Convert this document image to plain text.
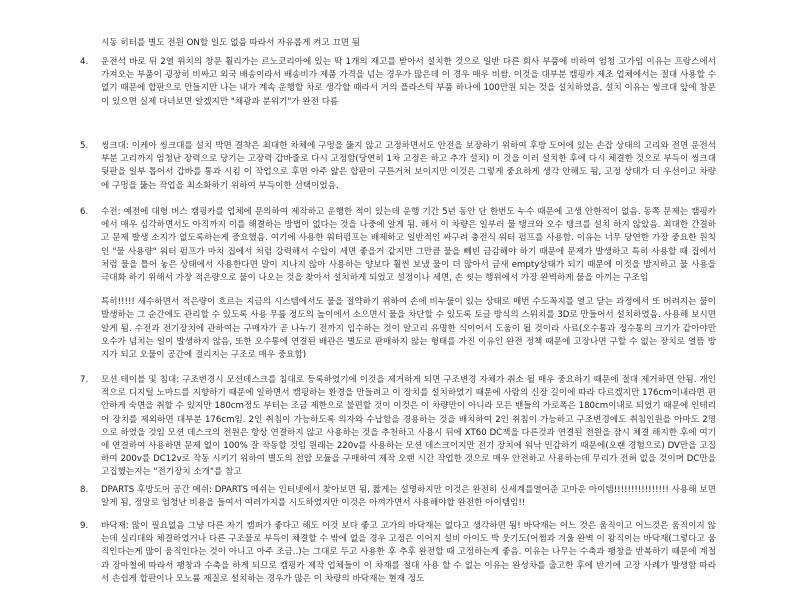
시동 히터를 별도 전원 ON할 일도 없음 따라서 자유롭게 켜고 끄면 됨
4.	운전석 바로 뒤 2열 위치의 창문 훨리가는 르노코리아에 있는 딱 1개의 재고를 받아서 설치한 것으로 일반 다른 회사 부품에 비하여 엄청 고가임 이유는 프랑스에서 가져오는 부품이 굉장히 비싸고 외국 배송이라서 배송비가 제품 가격을 넘는 경우가 많은데 이 경우 매우 비쌈. 이것을 대부분 캠핑카 제조 업체에서는 절대 사용할 수 없기 때문에 합판으로 만들지만 나는 내가 계속 운행할 차로 생각할 때라서 거의 플라스틱 부품 하나에 100만원 되는 것을 설치하였음, 설치 이유는 썽크대 앞에 창문이 있으면 실제 다녀보면 알겠지만 "채광과 분위기"가 완전 다름

5.	씽크대: 이케아 씽크대를 설치 박면 결착은 최대한 차체에 구멍을 뚫지 않고 고정하면서도 안전을 보장하기 위하여 후방 도어에 있는 손잡 상태의 고리와 전면 운전석 부분 고리까지 엄청난 장력으로 당기는 고장력 갑바줄로 다시 고정함(당연히 1차 고정은 하고 추가 설치) 이 것을 이러 설치한 후에 다시 체결한 것으로 부득이 씽크대 뒷판을 일부 톱어서 갑바를 통과 시킴 이 작업으로 후면 아주 얇은 합판이 구튼거처 보이지만 이것은 그렇게 중요하게 생각 안해도 됨, 고정 상태가 더 우선이고 차량에 구멍을 뚫는 작업을 최소화하기 위하여 부득이한 선택이었음.

6.	수전: 예전에 대형 버스 캠핑카를 업체에 문의하여 제작하고 운행한 적이 있는데 운행 기간 5년 동안 단 한번도 누수 때문에 고생 안한적이 없음. 동쪽 문제는 캠핑카에서 매우 심각하면서도 아직까지 이를 해결하는 방법이 없다는 것을 나중에 알게 됨. 해서 이 차량은 일부러 물 탱크와 오수 탱크를 설치 하지 않았음. 최대한 간결하고 문제 발생 소지가 없도록하는게 중요했음. 여기에 사용한 워터펌프는 배제하고 일반적인 싸구려 충전식 워터 펌프를 사용함. 이유는 너무 당연한 가장 중요한 원칙인 "물 사용량" 워터 펌프가 마치 집에서 처럼 강력해서 수압이 세면 좋을거 같지만 그만큼 물을 빼빈 금감해야 하기 때문에 문제가 발생하고 특히 사용할 때 집에서 처럼 물을 틀어 놓은 상태에서 사용한다면 말이 지나지 않아 사용하는 양보다 훨씬 보냈 물이 더 많아서 금새 empty상태가 되기 때문에 이것을 방지하고 물 사용을 극대화 하기 위해서 가장 적은량으로 물이 나오는 것을 찾아서 설치하게 되었고 설정이나 세면, 손 씻는 행위에서 가장 완벽하게 물을 아끼는 구조임

특히!!!!! 세수하면서 적은량이 흐르는 지금의 시스템에서도 물을 절약하기 위하여 손에 비누물이 있는 상태로 매번 수도꼭지를 열고 닫는 과정에서 또 버려지는 물이 발생하는 그 순간에도 관리할 수 있도록 사용 무릎 정도의 높이에서 소으면서 물을 차단할 수 있도록 토글 방식의 스위치를 3D로 만들어서 설치하였음. 사용해 보시면 알게 됨. 수전과 전기장치에 관하여는 구매자가 곧 나누기 전까지 입수하는 것이 알고리 유명한 식이어서 도움이 될 것이라 사료(오수통과 정수통의 크기가 같아야만 오수가 넘치는 일이 발생하지 않음, 또한 오수통에 연결된 배관은 별도로 판매하지 않는 형태를 가진 이유인 완전 정책 때문에 고장나면 구할 수 없는 장치로 열뜸 방지가 되고 오물이 공간에 걸리지는 구조로 매우 중요함)

7.	모션 테이블 및 침대: 구조변경시 모션데스크를 침대로 등록하였기에 이것을 제거하게 되면 구조변경 자체가 취소 될 매우 중요하기 때문에 절대 제거하면 안됨. 개인적으로 디지털 노마드를 지향하기 때문에 일하면서 캠핑하는 환경을 만들려고 이 장치를 설치하였기 때문에 사람의 신장 길이에 따라 다르겠지만 176cm이내라면 편안하게 숙면을 취할 수 있지만 180cm정도 부터는 조금 제한으로 불편할 것이 이것은 이 차량만이 아니라 모든 밴들의 가로폭은 180cm이내로 되었기 때문에 인테리어 장치를 제외하면 대부분 176cm임. 2인 취침이 가능하도록 의자와 수납함을 경용하는 것을 배치하여 2인 취침이 가능하고 구조변경에도 취침인원을 아마도 2명으로 하였을 것임 모션 데스크의 전원은 항상 연결하지 않고 사용하는 것을 추천하고 사용시 뒤에 XT60 DC잭을 다른것과 연결된 전원을 잠시 체결 해지한 후에 여기에 연결하여 사용하면 문제 없이 100% 잘 작동할 것임 원래는 220v를 사용하는 모션 데스크이지만 전기 장치에 워낙 민감하기 때문에(오랜 경험으로) DV만을 고집하여 200v를 DC12v로 작동 시키기 위하여 별도의 전압 모듈을 구매하여 제작 오랜 시간 작업한 것으로 매우 안전하고 사용하는데 무리가 전혀 없을 것이며 DC만을 고집했는지는 "전기장치 소개"를 참고

8.	DPARTS 후방도어 공간 메쉬: DPARTS 메쉬는 인터넷에서 찾아보면 됨, 짧게는 설명하지만 이것은 완전히 신세계를열어준 고마운 아이템!!!!!!!!!!!!!!!! 사용해 보면 알게 됨, 정말로 엄청난 비용을 들여서 여러가지를 시도하였지만 이것은 아껴가면서 사용해야할 완전한 아이템임!!

9.	바닥재: 많이 필요없음 그냥 다른 자기 캠퍼가 좋다고 해도 이것 보다 좋고 고가의 바닥재는 없다고 생각하면 됨! 바닥재는 어느 것은 움직이고 어느것은 움직이지 않는데 실리대와 체결하였거나 다른 구조물로 부득이 체결할 수 밖에 없을 경우 고정은 이어지 설비 아이도 박 웃기도(어쩜과 겨울 완벽 이 왕직이는 바닥재(그렇다고 움직인다는게 많이 움직인다는 것이 아니고 아주 조금..)는 그대로 두고 사용한 후 추후 완전할 때 고정하는게 좋음. 이유는 나무는 수축과 팽창을 반복하기 때문에 계절과 장마철에 따라서 팽창과 수축을 하게 되므로 캠핑카 제작 업체들이 이 차재를 절대 사용 할 수 없는 이유는 완성차를 출고한 후에 반기에 고장 사례가 발생함 따라서 손쉽게 합판이나 모노륨 재질로 설치하는 경우가 많은 이 차량의 바닥재는 현재 정도
